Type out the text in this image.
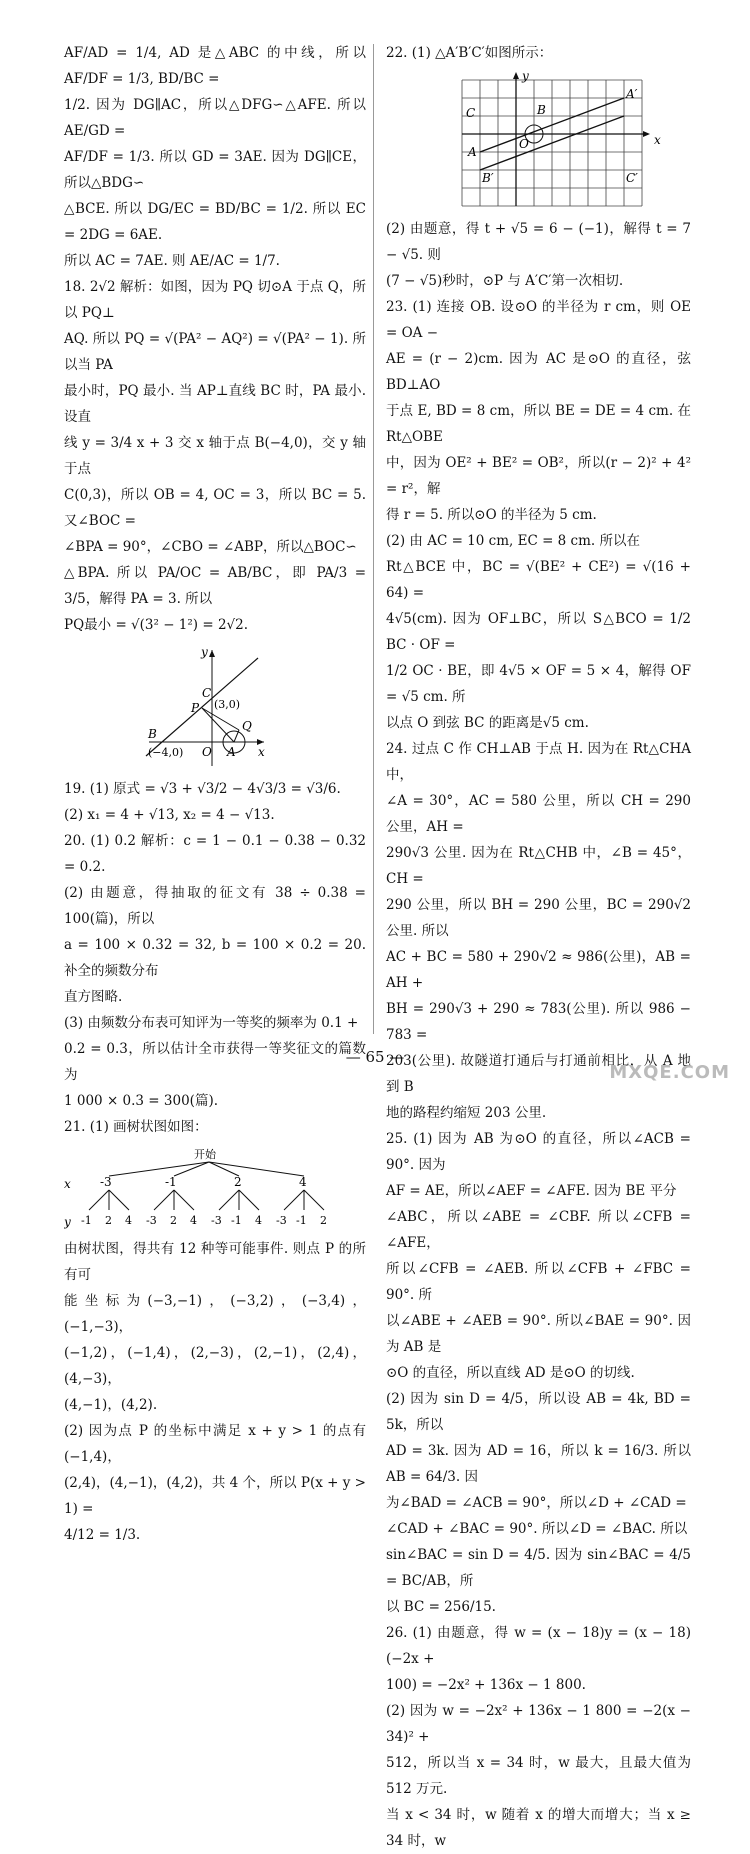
AF/AD = 1/4, AD 是△ABC 的中线，所以 AF/DF = 1/3, BD/BC =

1/2. 因为 DG∥AC，所以△DFG∽△AFE. 所以 AE/GD =

AF/DF = 1/3. 所以 GD = 3AE. 因为 DG∥CE，所以△BDG∽

△BCE. 所以 DG/EC = BD/BC = 1/2. 所以 EC = 2DG = 6AE.

所以 AC = 7AE. 则 AE/AC = 1/7.

18. 2√2 解析：如图，因为 PQ 切⊙A 于点 Q，所以 PQ⊥

AQ. 所以 PQ = √(PA² − AQ²) = √(PA² − 1). 所以当 PA

最小时，PQ 最小. 当 AP⊥直线 BC 时，PA 最小. 设直

线 y = 3/4 x + 3 交 x 轴于点 B(−4,0)，交 y 轴于点

C(0,3)，所以 OB = 4, OC = 3，所以 BC = 5. 又∠BOC =

∠BPA = 90°，∠CBO = ∠ABP，所以△BOC∽

△BPA. 所以 PA/OC = AB/BC，即 PA/3 = 3/5，解得 PA = 3. 所以

PQ最小 = √(3² − 1²) = 2√2.

y
x
C
(3,0)
P
Q
B
(−4,0) O A

19. (1) 原式 = √3 + √3/2 − 4√3/3 = √3/6.

(2) x₁ = 4 + √13, x₂ = 4 − √13.

20. (1) 0.2 解析：c = 1 − 0.1 − 0.38 − 0.32 = 0.2.

(2) 由题意，得抽取的征文有 38 ÷ 0.38 = 100(篇)，所以

a = 100 × 0.32 = 32, b = 100 × 0.2 = 20. 补全的频数分布

直方图略.

(3) 由频数分布表可知评为一等奖的频率为 0.1 +

0.2 = 0.3，所以估计全市获得一等奖征文的篇数为

1 000 × 0.3 = 300(篇).

21. (1) 画树状图如图：

开始
x -3	-1	2	4
y -1 2 4 -3 2 4 -3 -1 4 -3 -1 2

由树状图，得共有 12 种等可能事件. 则点 P 的所有可

能坐标为(−3,−1)，(−3,2)，(−3,4)，(−1,−3)，

(−1,2)，(−1,4)，(2,−3)，(2,−1)，(2,4)，(4,−3)，

(4,−1)，(4,2).

(2) 因为点 P 的坐标中满足 x + y > 1 的点有(−1,4)，

(2,4)，(4,−1)，(4,2)，共 4 个，所以 P(x + y > 1) =

4/12 = 1/3.

22. (1) △A′B′C′如图所示：

y
x
A′
C	B
O
A
B′	C′

(2) 由题意，得 t + √5 = 6 − (−1)，解得 t = 7 − √5. 则

(7 − √5)秒时，⊙P 与 A′C′第一次相切.

23. (1) 连接 OB. 设⊙O 的半径为 r cm，则 OE = OA −

AE = (r − 2)cm. 因为 AC 是⊙O 的直径，弦 BD⊥AO

于点 E, BD = 8 cm，所以 BE = DE = 4 cm. 在 Rt△OBE

中，因为 OE² + BE² = OB²，所以(r − 2)² + 4² = r²，解

得 r = 5. 所以⊙O 的半径为 5 cm.

(2) 由 AC = 10 cm, EC = 8 cm. 所以在

Rt△BCE 中，BC = √(BE² + CE²) = √(16 + 64) =

4√5(cm). 因为 OF⊥BC，所以 S△BCO = 1/2 BC · OF =

1/2 OC · BE，即 4√5 × OF = 5 × 4，解得 OF = √5 cm. 所

以点 O 到弦 BC 的距离是√5 cm.

24. 过点 C 作 CH⊥AB 于点 H. 因为在 Rt△CHA 中，

∠A = 30°，AC = 580 公里，所以 CH = 290 公里，AH =

290√3 公里. 因为在 Rt△CHB 中，∠B = 45°，CH =

290 公里，所以 BH = 290 公里，BC = 290√2 公里. 所以

AC + BC = 580 + 290√2 ≈ 986(公里)，AB = AH +

BH = 290√3 + 290 ≈ 783(公里). 所以 986 − 783 =

203(公里). 故隧道打通后与打通前相比，从 A 地到 B

地的路程约缩短 203 公里.

25. (1) 因为 AB 为⊙O 的直径，所以∠ACB = 90°. 因为

AF = AE，所以∠AEF = ∠AFE. 因为 BE 平分

∠ABC，所以∠ABE = ∠CBF. 所以∠CFB = ∠AFE，

所以∠CFB = ∠AEB. 所以∠CFB + ∠FBC = 90°. 所

以∠ABE + ∠AEB = 90°. 所以∠BAE = 90°. 因为 AB 是

⊙O 的直径，所以直线 AD 是⊙O 的切线.

(2) 因为 sin D = 4/5，所以设 AB = 4k, BD = 5k，所以

AD = 3k. 因为 AD = 16，所以 k = 16/3. 所以 AB = 64/3. 因

为∠BAD = ∠ACB = 90°，所以∠D + ∠CAD =

∠CAD + ∠BAC = 90°. 所以∠D = ∠BAC. 所以

sin∠BAC = sin D = 4/5. 因为 sin∠BAC = 4/5 = BC/AB，所

以 BC = 256/15.

26. (1) 由题意，得 w = (x − 18)y = (x − 18)(−2x +

100) = −2x² + 136x − 1 800.

(2) 因为 w = −2x² + 136x − 1 800 = −2(x − 34)² +

512，所以当 x = 34 时，w 最大，且最大值为 512 万元.

当 x < 34 时，w 随着 x 的增大而增大；当 x ≥ 34 时，w

— 65 —
MXQE.COM
